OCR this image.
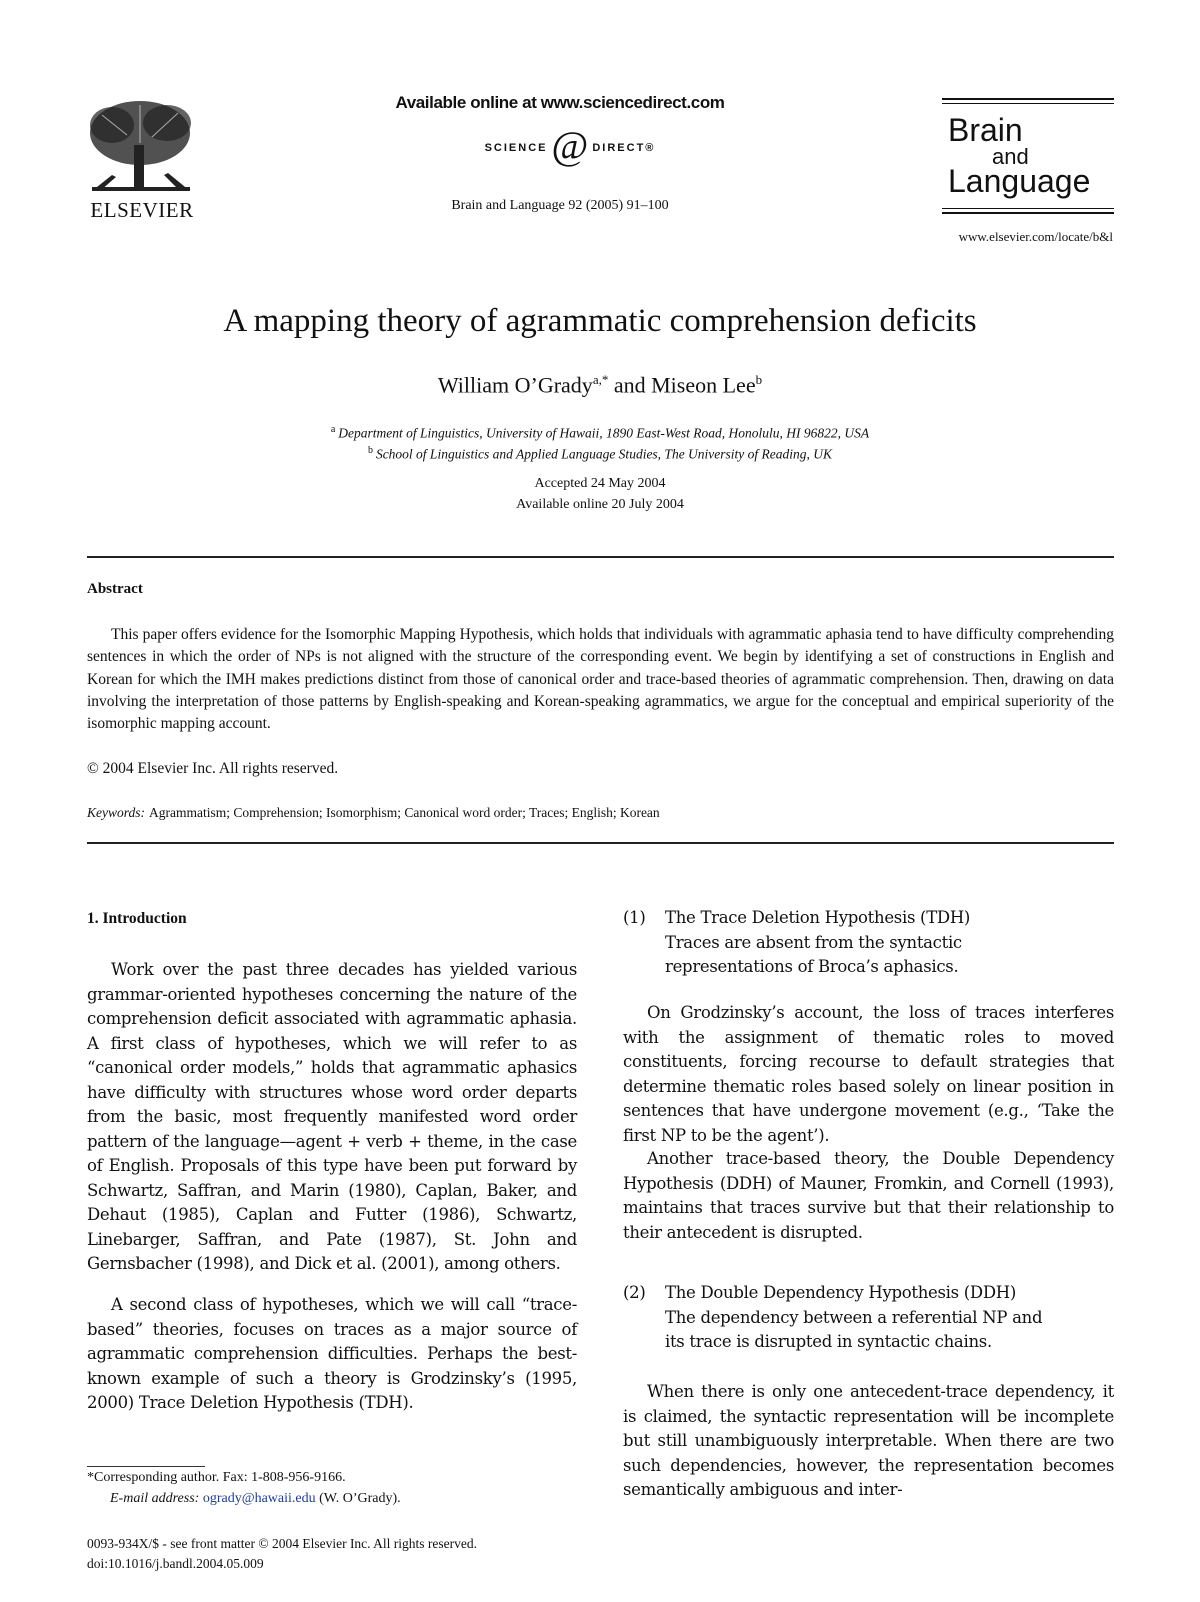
ELSEVIER
Available online at www.sciencedirect.com
SCIENCE @ DIRECT®
Brain and Language 92 (2005) 91–100
Brain
and
Language
www.elsevier.com/locate/b&l
A mapping theory of agrammatic comprehension deficits
William O’Grady$^{a,*}$ and Miseon Lee$^b$
$^a$ Department of Linguistics, University of Hawaii, 1890 East-West Road, Honolulu, HI 96822, USA
$^b$ School of Linguistics and Applied Language Studies, The University of Reading, UK
Accepted 24 May 2004
Available online 20 July 2004
Abstract
This paper offers evidence for the Isomorphic Mapping Hypothesis, which holds that individuals with agrammatic aphasia tend to have difficulty comprehending sentences in which the order of NPs is not aligned with the structure of the corresponding event. We begin by identifying a set of constructions in English and Korean for which the IMH makes predictions distinct from those of canonical order and trace-based theories of agrammatic comprehension. Then, drawing on data involving the interpretation of those patterns by English-speaking and Korean-speaking agrammatics, we argue for the conceptual and empirical superiority of the isomorphic mapping account.
© 2004 Elsevier Inc. All rights reserved.
Keywords: Agrammatism; Comprehension; Isomorphism; Canonical word order; Traces; English; Korean
1. Introduction
Work over the past three decades has yielded various grammar-oriented hypotheses concerning the nature of the comprehension deficit associated with agrammatic aphasia. A first class of hypotheses, which we will refer to as “canonical order models,” holds that agrammatic aphasics have difficulty with structures whose word order departs from the basic, most frequently manifested word order pattern of the language—agent + verb + theme, in the case of English. Proposals of this type have been put forward by Schwartz, Saffran, and Marin (1980), Caplan, Baker, and Dehaut (1985), Caplan and Futter (1986), Schwartz, Linebarger, Saffran, and Pate (1987), St. John and Gernsbacher (1998), and Dick et al. (2001), among others.
A second class of hypotheses, which we will call “trace-based” theories, focuses on traces as a major source of agrammatic comprehension difficulties. Perhaps the best-known example of such a theory is Grodzinsky’s (1995, 2000) Trace Deletion Hypothesis (TDH).
(1) The Trace Deletion Hypothesis (TDH)
Traces are absent from the syntactic
representations of Broca’s aphasics.
On Grodzinsky’s account, the loss of traces interferes with the assignment of thematic roles to moved constituents, forcing recourse to default strategies that determine thematic roles based solely on linear position in sentences that have undergone movement (e.g., ‘Take the first NP to be the agent’).
Another trace-based theory, the Double Dependency Hypothesis (DDH) of Mauner, Fromkin, and Cornell (1993), maintains that traces survive but that their relationship to their antecedent is disrupted.
(2) The Double Dependency Hypothesis (DDH)
The dependency between a referential NP and
its trace is disrupted in syntactic chains.
When there is only one antecedent-trace dependency, it is claimed, the syntactic representation will be incomplete but still unambiguously interpretable. When there are two such dependencies, however, the representation becomes semantically ambiguous and inter-
*Corresponding author. Fax: 1-808-956-9166.
E-mail address: ogrady@hawaii.edu (W. O’Grady).
0093-934X/$ - see front matter © 2004 Elsevier Inc. All rights reserved.
doi:10.1016/j.bandl.2004.05.009
